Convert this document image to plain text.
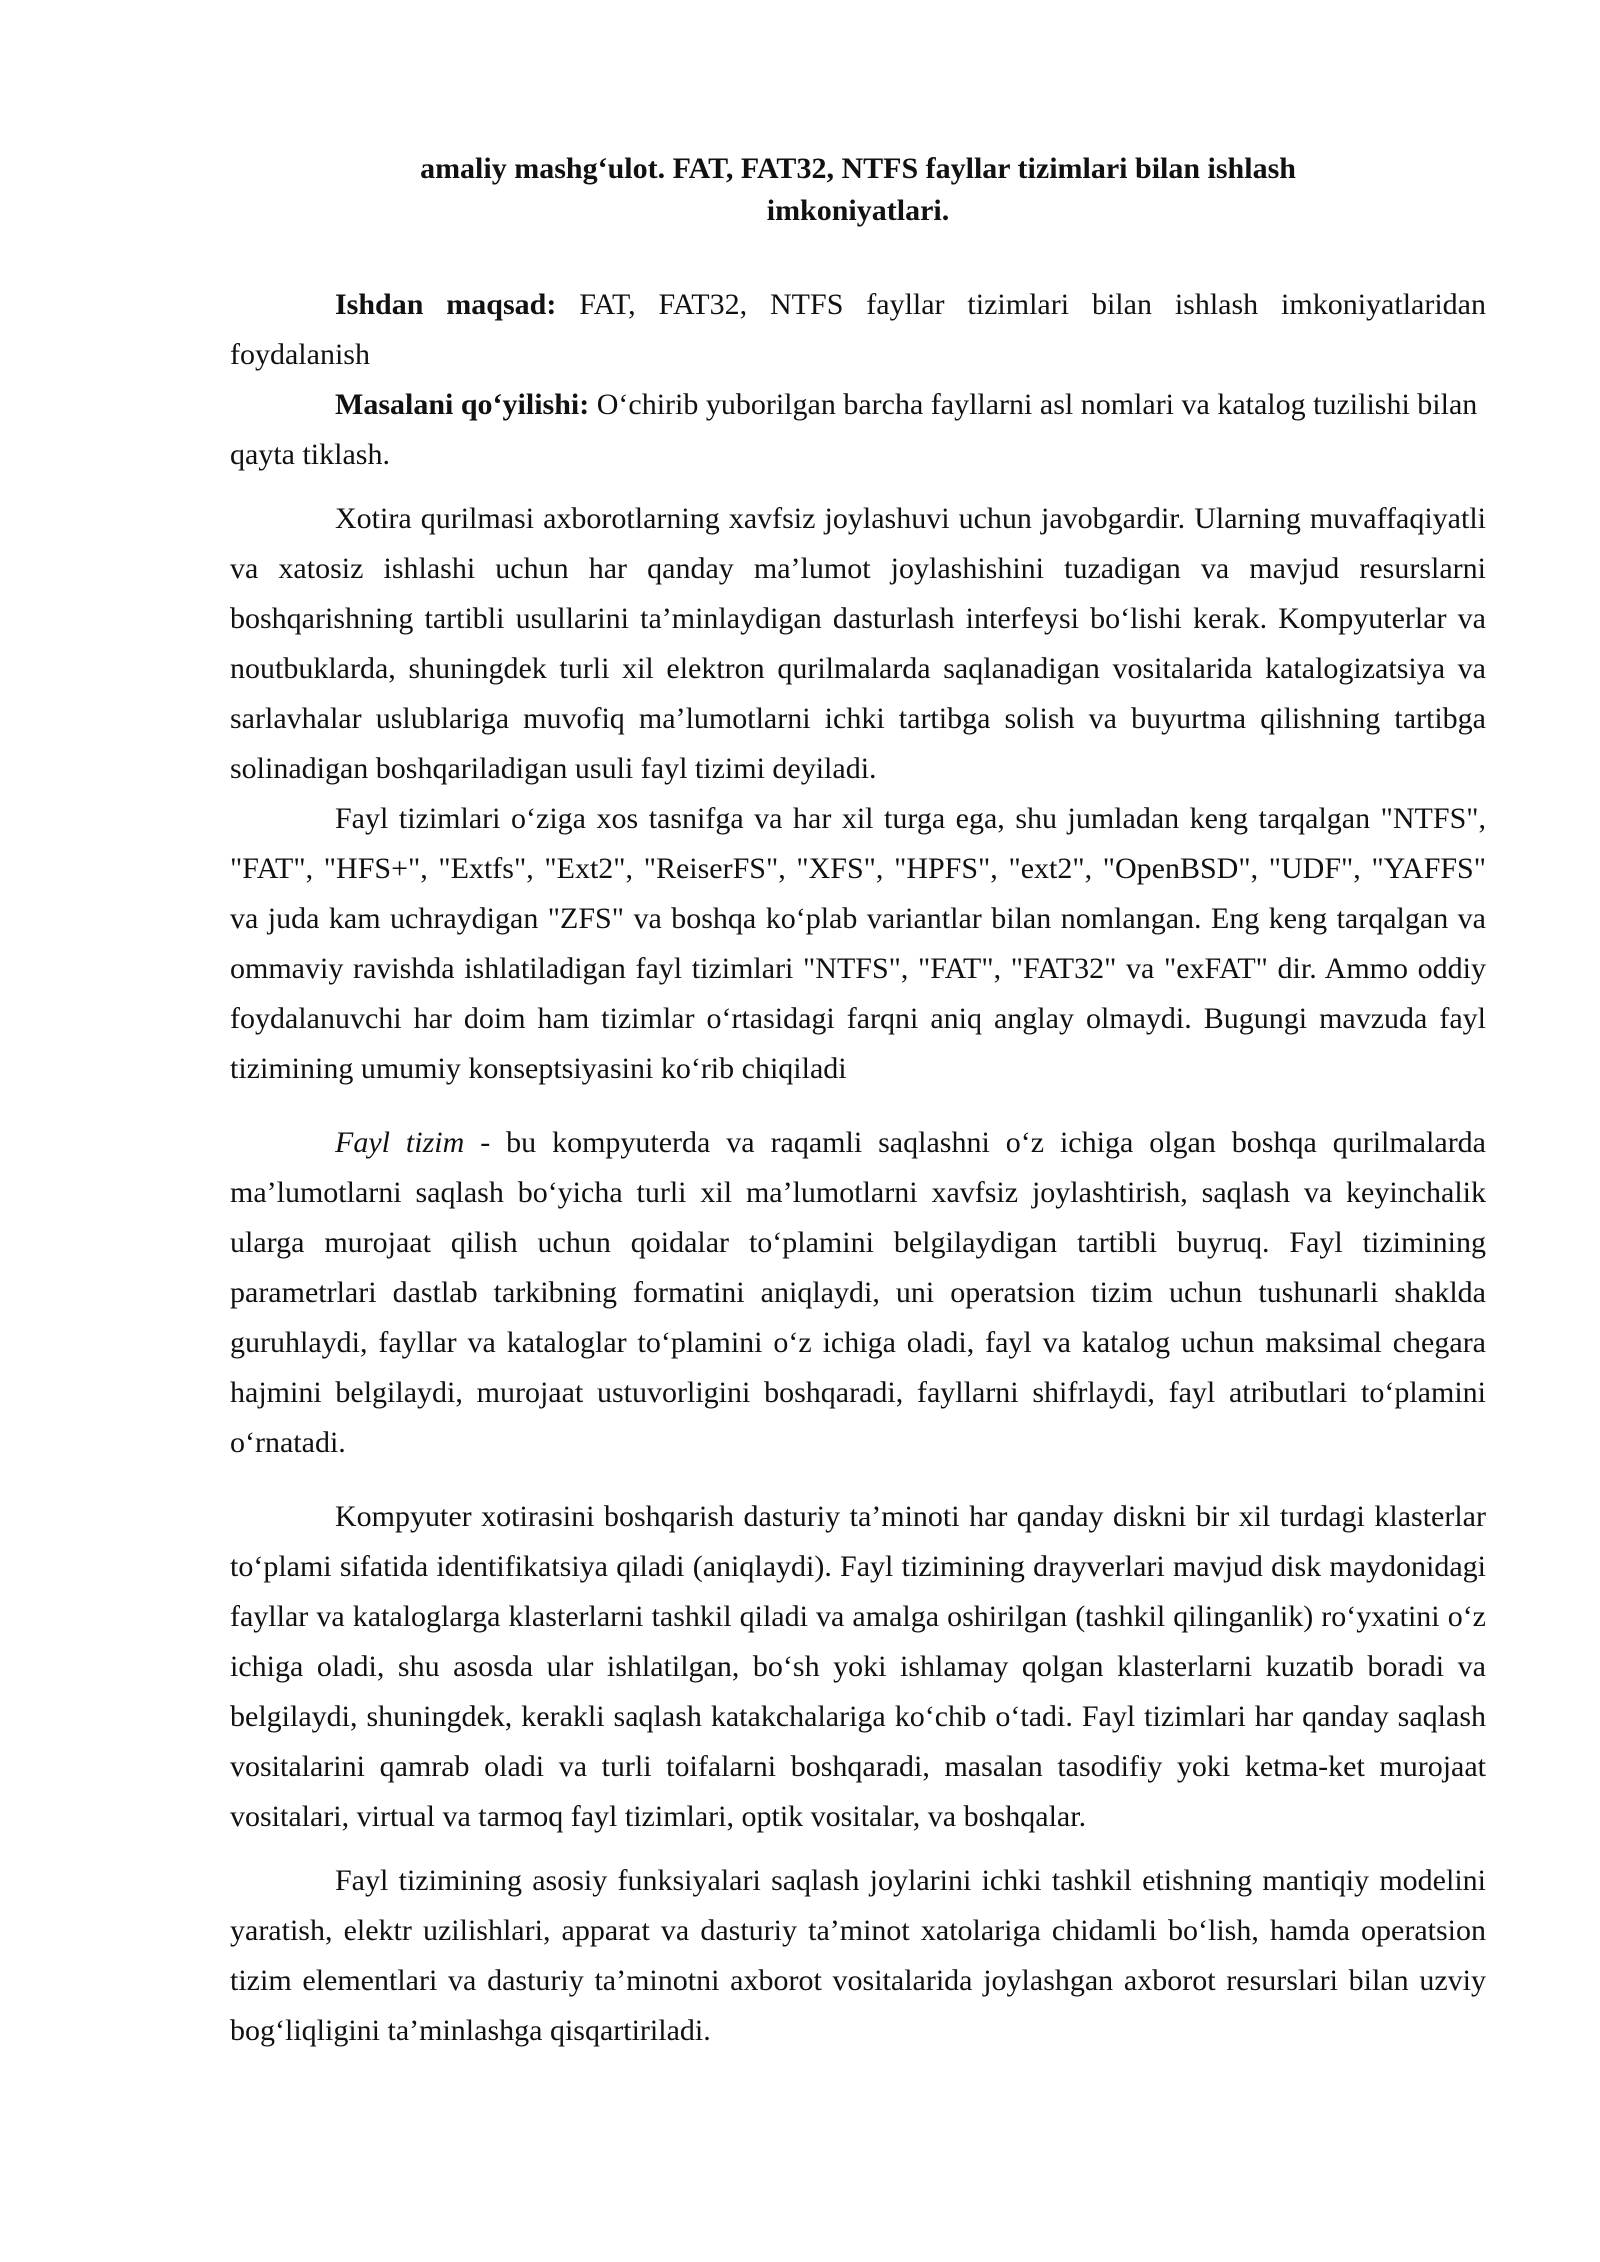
amaliy mashg‘ulot. FAT, FAT32, NTFS fayllar tizimlari bilan ishlash
imkoniyatlari.

Ishdan maqsad: FAT, FAT32, NTFS fayllar tizimlari bilan ishlash imkoniyatlaridan foydalanish

Masalani qo‘yilishi: O‘chirib yuborilgan barcha fayllarni asl nomlari va katalog tuzilishi bilan qayta tiklash.

Xotira qurilmasi axborotlarning xavfsiz joylashuvi uchun javobgardir. Ularning muvaffaqiyatli va xatosiz ishlashi uchun har qanday ma’lumot joylashishini tuzadigan va mavjud resurslarni boshqarishning tartibli usullarini ta’minlaydigan dasturlash interfeysi bo‘lishi kerak. Kompyuterlar va noutbuklarda, shuningdek turli xil elektron qurilmalarda saqlanadigan vositalarida katalogizatsiya va sarlavhalar uslublariga muvofiq ma’lumotlarni ichki tartibga solish va buyurtma qilishning tartibga solinadigan boshqariladigan usuli fayl tizimi deyiladi.

Fayl tizimlari o‘ziga xos tasnifga va har xil turga ega, shu jumladan keng tarqalgan "NTFS", "FAT", "HFS+", "Extfs", "Ext2", "ReiserFS", "XFS", "HPFS", "ext2", "OpenBSD", "UDF", "YAFFS" va juda kam uchraydigan "ZFS" va boshqa ko‘plab variantlar bilan nomlangan. Eng keng tarqalgan va ommaviy ravishda ishlatiladigan fayl tizimlari "NTFS", "FAT", "FAT32" va "exFAT" dir. Ammo oddiy foydalanuvchi har doim ham tizimlar o‘rtasidagi farqni aniq anglay olmaydi. Bugungi mavzuda fayl tizimining umumiy konseptsiyasini ko‘rib chiqiladi

Fayl tizim - bu kompyuterda va raqamli saqlashni o‘z ichiga olgan boshqa qurilmalarda ma’lumotlarni saqlash bo‘yicha turli xil ma’lumotlarni xavfsiz joylashtirish, saqlash va keyinchalik ularga murojaat qilish uchun qoidalar to‘plamini belgilaydigan tartibli buyruq. Fayl tizimining parametrlari dastlab tarkibning formatini aniqlaydi, uni operatsion tizim uchun tushunarli shaklda guruhlaydi, fayllar va kataloglar to‘plamini o‘z ichiga oladi, fayl va katalog uchun maksimal chegara hajmini belgilaydi, murojaat ustuvorligini boshqaradi, fayllarni shifrlaydi, fayl atributlari to‘plamini o‘rnatadi.

Kompyuter xotirasini boshqarish dasturiy ta’minoti har qanday diskni bir xil turdagi klasterlar to‘plami sifatida identifikatsiya qiladi (aniqlaydi). Fayl tizimining drayverlari mavjud disk maydonidagi fayllar va kataloglarga klasterlarni tashkil qiladi va amalga oshirilgan (tashkil qilinganlik) ro‘yxatini o‘z ichiga oladi, shu asosda ular ishlatilgan, bo‘sh yoki ishlamay qolgan klasterlarni kuzatib boradi va belgilaydi, shuningdek, kerakli saqlash katakchalariga ko‘chib o‘tadi. Fayl tizimlari har qanday saqlash vositalarini qamrab oladi va turli toifalarni boshqaradi, masalan tasodifiy yoki ketma-ket murojaat vositalari, virtual va tarmoq fayl tizimlari, optik vositalar, va boshqalar.

Fayl tizimining asosiy funksiyalari saqlash joylarini ichki tashkil etishning mantiqiy modelini yaratish, elektr uzilishlari, apparat va dasturiy ta’minot xatolariga chidamli bo‘lish, hamda operatsion tizim elementlari va dasturiy ta’minotni axborot vositalarida joylashgan axborot resurslari bilan uzviy bog‘liqligini ta’minlashga qisqartiriladi.
